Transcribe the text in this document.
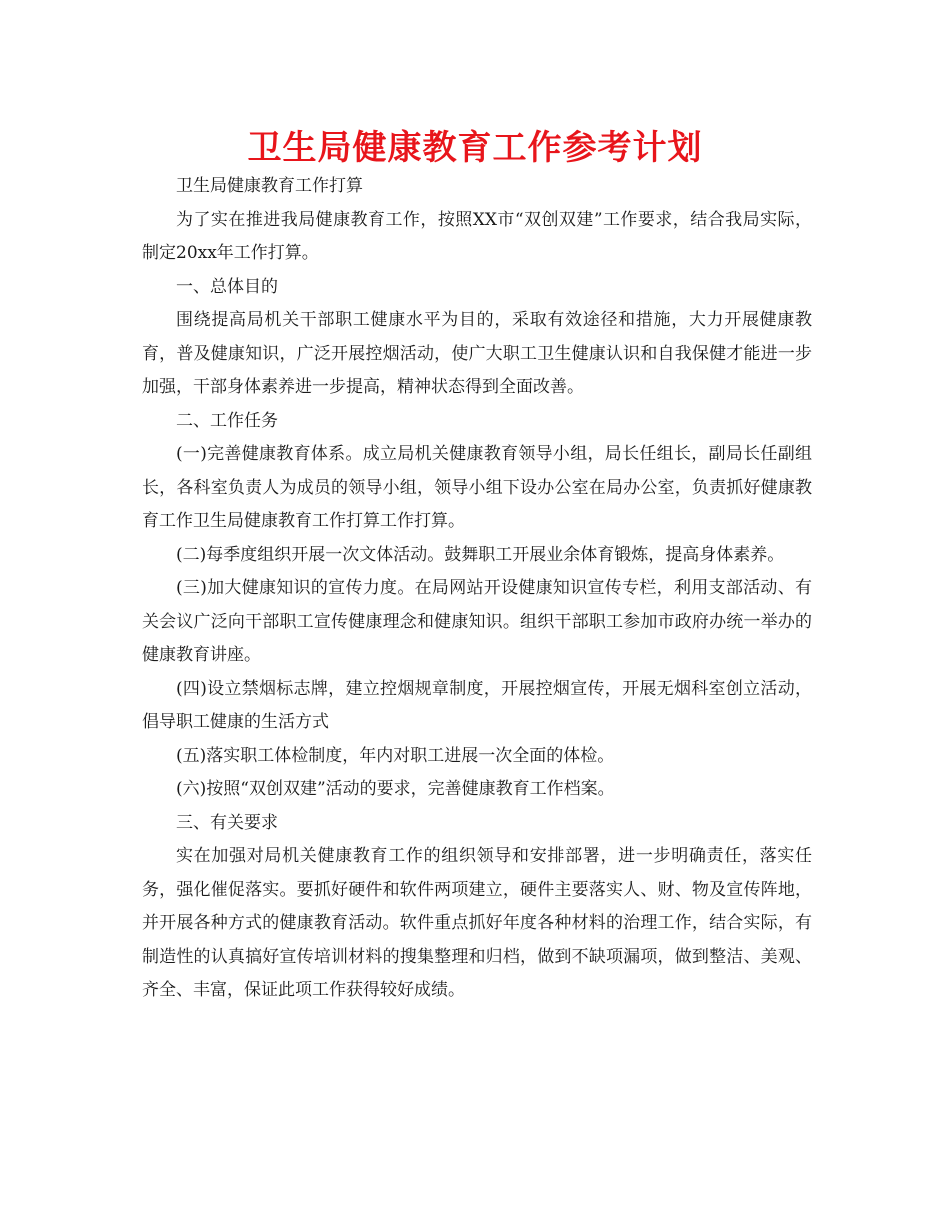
卫生局健康教育工作参考计划

卫生局健康教育工作打算

为了实在推进我局健康教育工作，按照XX市“双创双建”工作要求，结合我局实际，制定20xx年工作打算。

一、总体目的

围绕提高局机关干部职工健康水平为目的，采取有效途径和措施，大力开展健康教育，普及健康知识，广泛开展控烟活动，使广大职工卫生健康认识和自我保健才能进一步加强，干部身体素养进一步提高，精神状态得到全面改善。

二、工作任务

(一)完善健康教育体系。成立局机关健康教育领导小组，局长任组长，副局长任副组长，各科室负责人为成员的领导小组，领导小组下设办公室在局办公室，负责抓好健康教育工作卫生局健康教育工作打算工作打算。

(二)每季度组织开展一次文体活动。鼓舞职工开展业余体育锻炼，提高身体素养。

(三)加大健康知识的宣传力度。在局网站开设健康知识宣传专栏，利用支部活动、有关会议广泛向干部职工宣传健康理念和健康知识。组织干部职工参加市政府办统一举办的健康教育讲座。

(四)设立禁烟标志牌，建立控烟规章制度，开展控烟宣传，开展无烟科室创立活动，倡导职工健康的生活方式

(五)落实职工体检制度，年内对职工进展一次全面的体检。

(六)按照“双创双建”活动的要求，完善健康教育工作档案。

三、有关要求

实在加强对局机关健康教育工作的组织领导和安排部署，进一步明确责任，落实任务，强化催促落实。要抓好硬件和软件两项建立，硬件主要落实人、财、物及宣传阵地，并开展各种方式的健康教育活动。软件重点抓好年度各种材料的治理工作，结合实际，有制造性的认真搞好宣传培训材料的搜集整理和归档，做到不缺项漏项，做到整洁、美观、齐全、丰富，保证此项工作获得较好成绩。
